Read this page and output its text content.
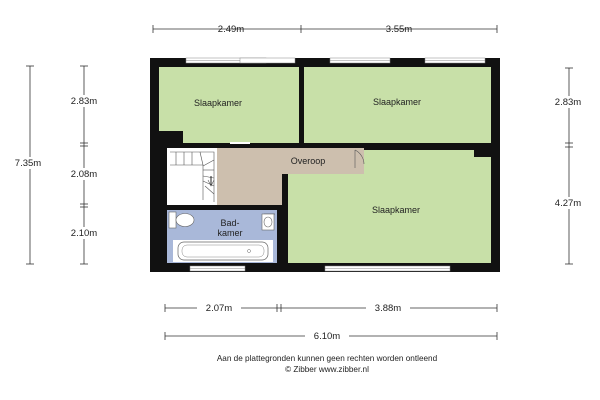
2.49m	3.55m
7.35m
2.83m
2.08m
2.10m
2.83m
4.27m
2.07m	3.88m
6.10m
Slaapkamer	Slaapkamer
Slaapkamer
Overoop
Bad-
kamer
Aan de plattegronden kunnen geen rechten worden ontleend
© Zibber www.zibber.nl
